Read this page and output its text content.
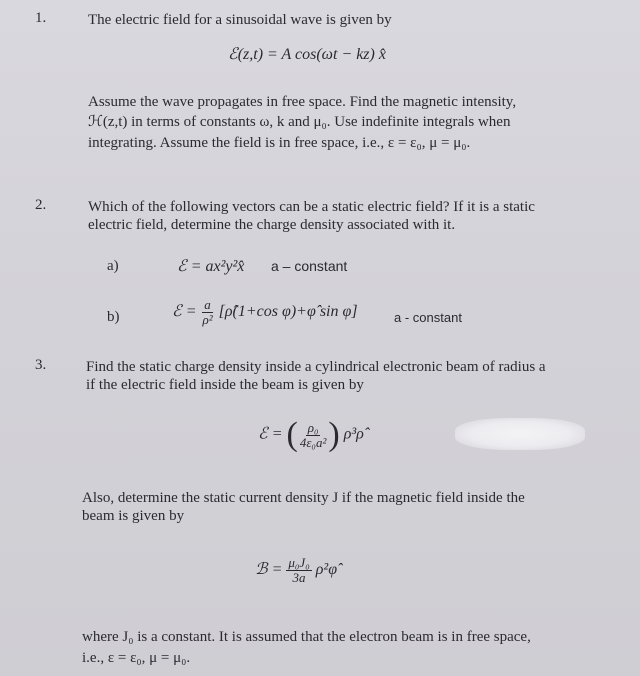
1.	The electric field for a sinusoidal wave is given by
ℰ(z,t) = A cos(ωt − kz) x̂
Assume the wave propagates in free space. Find the magnetic intensity,
ℋ(z,t) in terms of constants ω, k and μ₀. Use indefinite integrals when
integrating. Assume the field is in free space, i.e., ε = ε₀, μ = μ₀.
2.	Which of the following vectors can be a static electric field? If it is a static
electric field, determine the charge density associated with it.
a)	ℰ = ax²y²x̂ a – constant
b)	ℰ = $\frac{a}{\text{ρ²}}$ [ρ̂(1+cos φ)+φ̂ sin φ]	a - constant
3.	Find the static charge density inside a cylindrical electronic beam of radius a
if the electric field inside the beam is given by
ℰ = ( $\frac{\text{ρ₀}}{\text{4ε₀a²}}$ ) ρ³ρ̂
Also, determine the static current density J if the magnetic field inside the
beam is given by
ℬ = $\frac{\text{μ₀J₀}}{3a}$ ρ²φ̂
where J₀ is a constant. It is assumed that the electron beam is in free space,
i.e., ε = ε₀, μ = μ₀.
